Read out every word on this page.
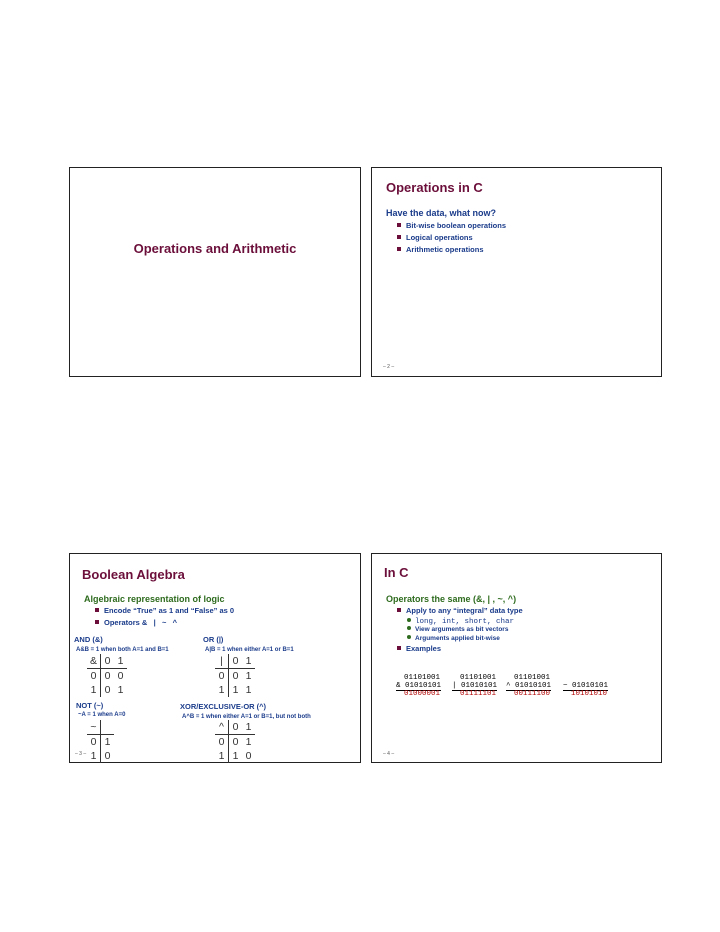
Operations and Arithmetic
Operations in C
Have the data, what now?
Bit-wise boolean operations
Logical operations
Arithmetic operations
– 2 –
Boolean Algebra
Algebraic representation of logic
Encode “True” as 1 and “False” as 0
Operators &   |   ~   ^
AND (&)
A&B = 1 when both A=1 and B=1
&	0	1
0	0	0
1	0	1
OR (|)
A|B = 1 when either A=1 or B=1
|	0	1
0	0	1
1	1	1
NOT (~)
~A = 1 when A=0
~	
0	1
1	0
XOR/EXCLUSIVE-OR (^)
A^B = 1 when either A=1 or B=1, but not both
^	0	1
0	0	1
1	1	0
– 3 –
In C
Operators the same (&, | , ~, ^)
Apply to any “integral” data type
long, int, short, char
View arguments as bit vectors
Arguments applied bit-wise
Examples

01101001
& 01010101
01000001

01101001
| 01010101
01111101

01101001
^ 01010101
00111100

~ 01010101
10101010
– 4 –
